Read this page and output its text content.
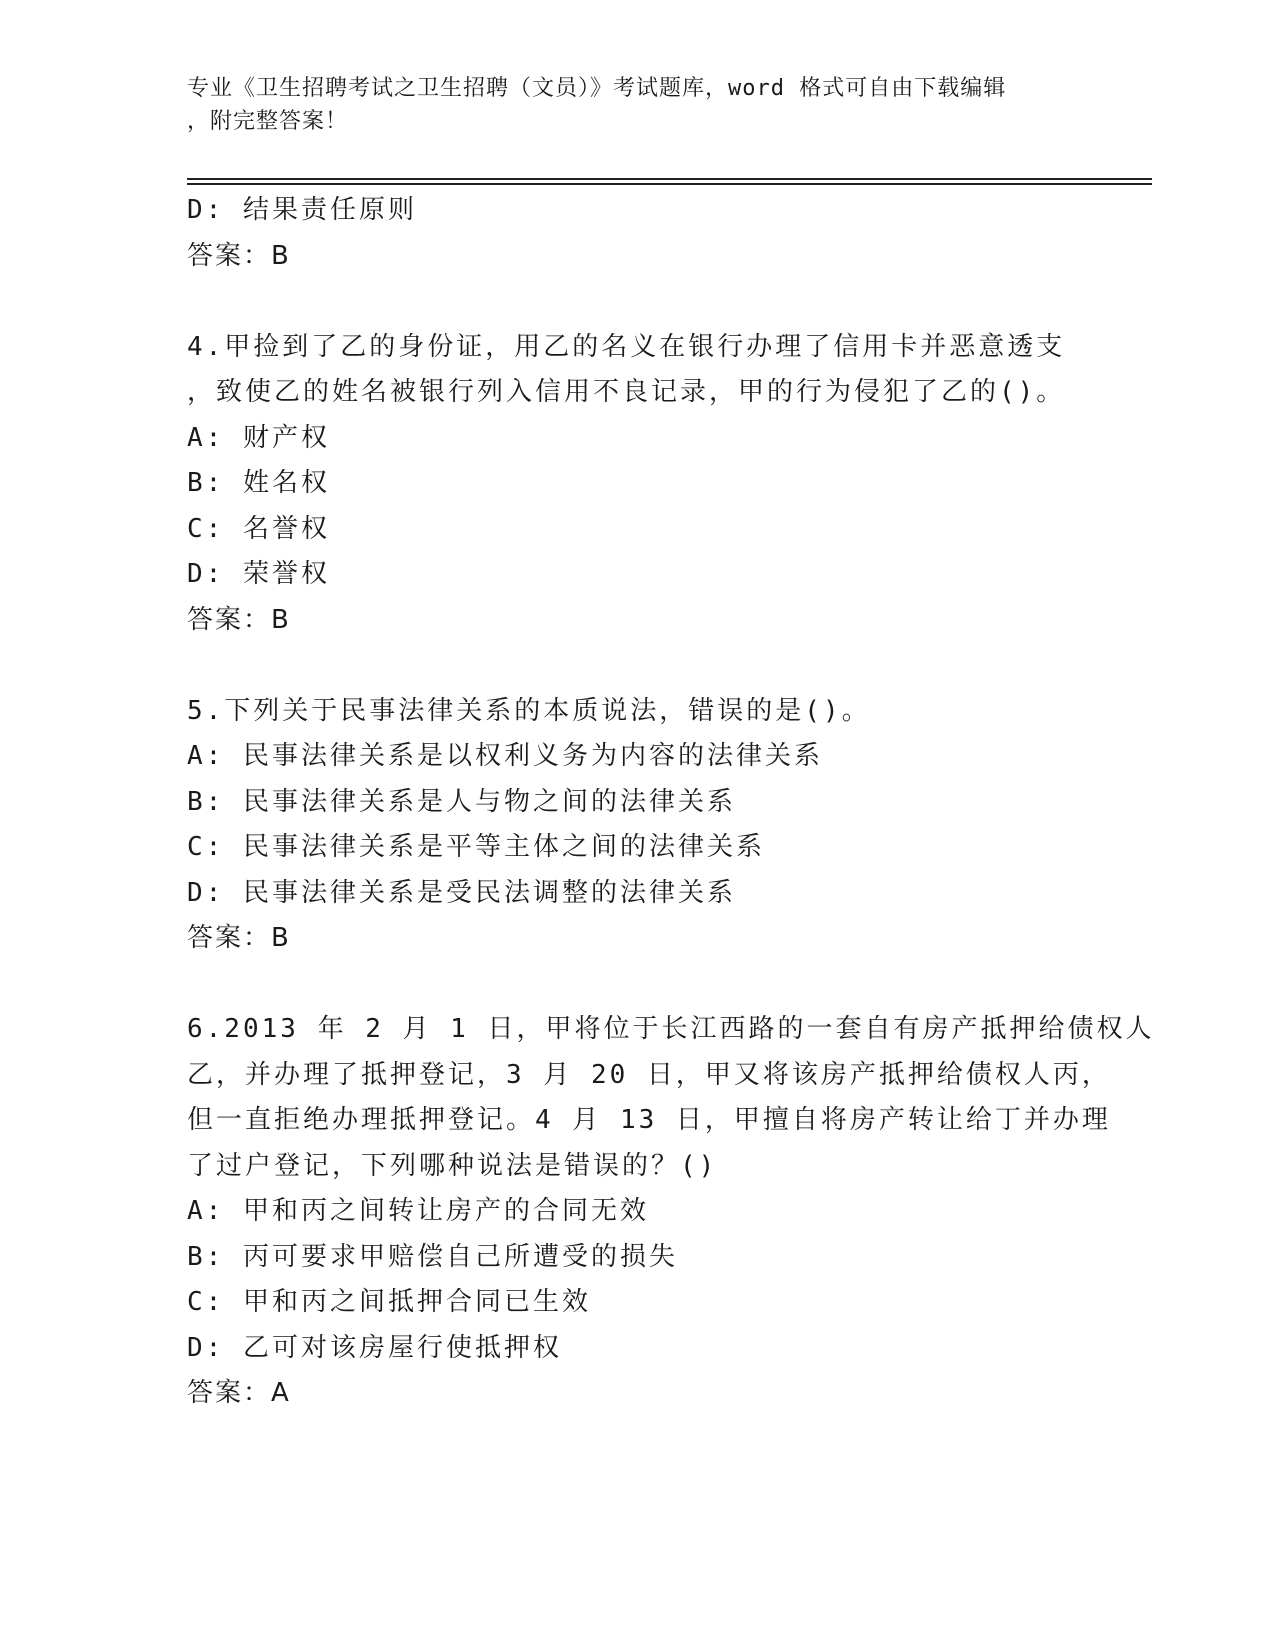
专业《卫生招聘考试之卫生招聘（文员）》考试题库，word 格式可自由下载编辑
，附完整答案！
D: 结果责任原则
答案：B
4.甲捡到了乙的身份证，用乙的名义在银行办理了信用卡并恶意透支
，致使乙的姓名被银行列入信用不良记录，甲的行为侵犯了乙的()。
A: 财产权
B: 姓名权
C: 名誉权
D: 荣誉权
答案：B
5.下列关于民事法律关系的本质说法，错误的是()。
A: 民事法律关系是以权利义务为内容的法律关系
B: 民事法律关系是人与物之间的法律关系
C: 民事法律关系是平等主体之间的法律关系
D: 民事法律关系是受民法调整的法律关系
答案：B
6.2013 年 2 月 1 日，甲将位于长江西路的一套自有房产抵押给债权人
乙，并办理了抵押登记，3 月 20 日，甲又将该房产抵押给债权人丙，
但一直拒绝办理抵押登记。4 月 13 日，甲擅自将房产转让给丁并办理
了过户登记，下列哪种说法是错误的？()
A: 甲和丙之间转让房产的合同无效
B: 丙可要求甲赔偿自己所遭受的损失
C: 甲和丙之间抵押合同已生效
D: 乙可对该房屋行使抵押权
答案：A
